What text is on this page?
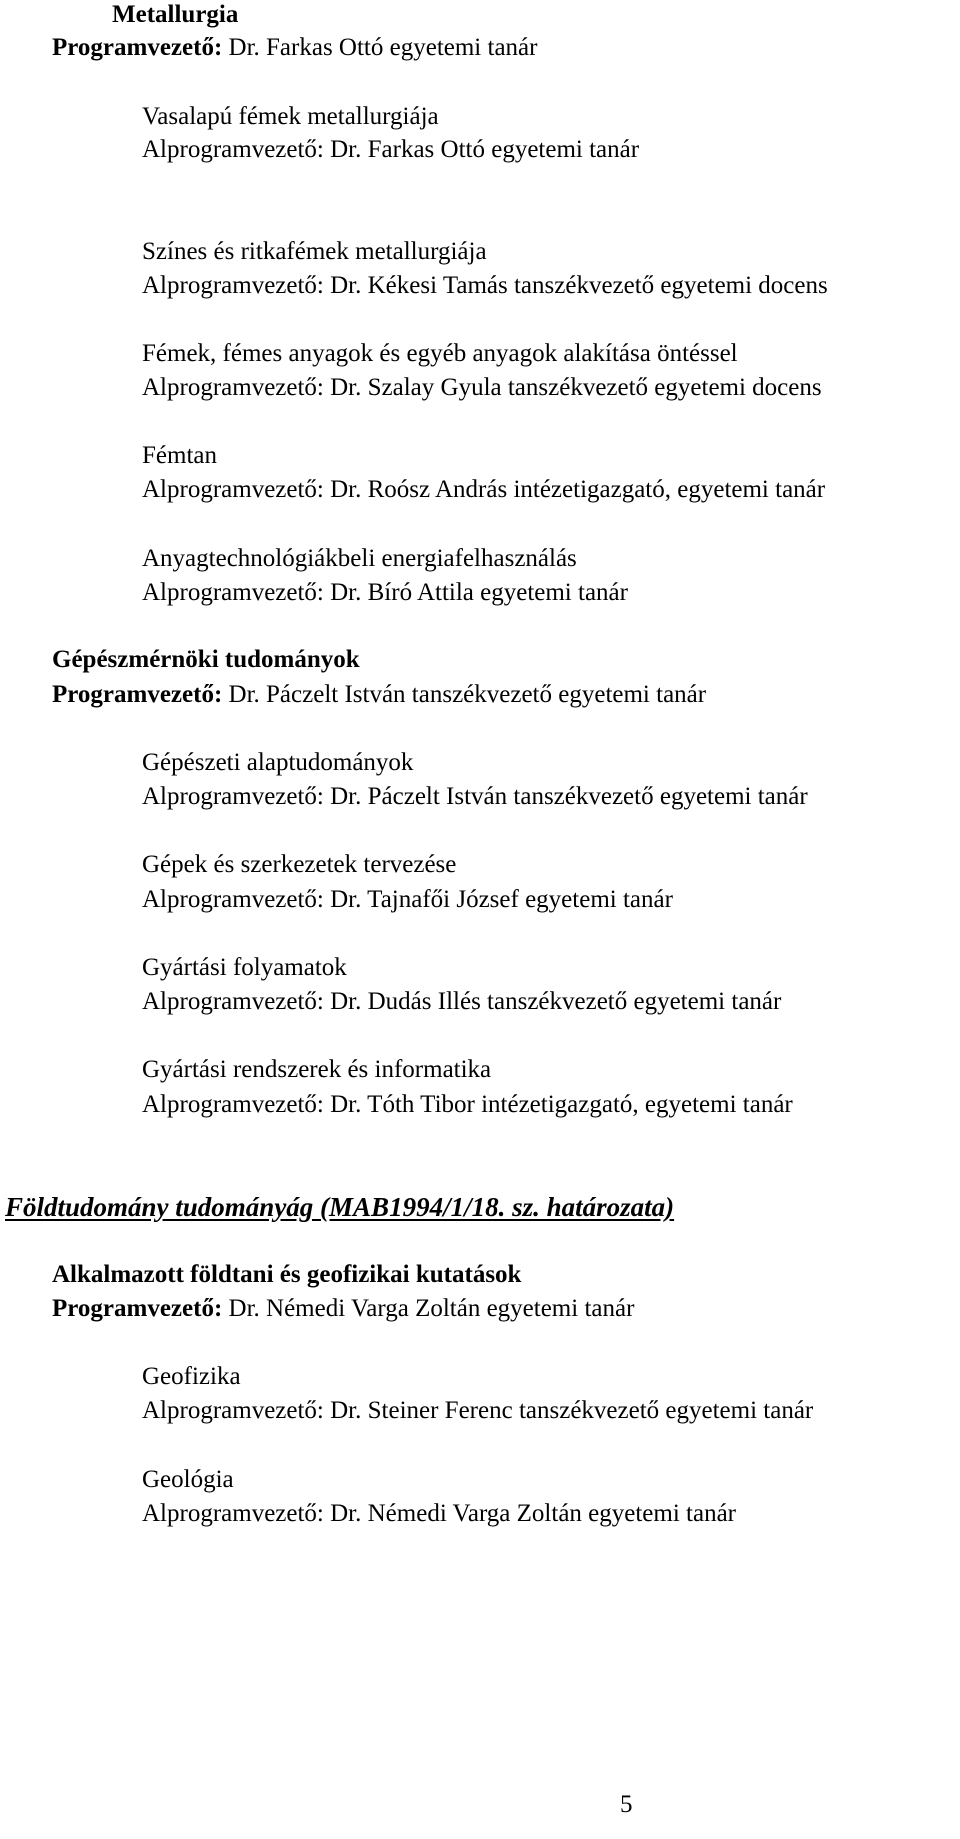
Metallurgia
Programvezető: Dr. Farkas Ottó egyetemi tanár
Vasalapú fémek metallurgiája
Alprogramvezető: Dr. Farkas Ottó egyetemi tanár
Színes és ritkafémek metallurgiája
Alprogramvezető: Dr. Kékesi Tamás tanszékvezető egyetemi docens
Fémek, fémes anyagok és egyéb anyagok alakítása öntéssel
Alprogramvezető: Dr. Szalay Gyula tanszékvezető egyetemi docens
Fémtan
Alprogramvezető: Dr. Roósz András intézetigazgató, egyetemi tanár
Anyagtechnológiákbeli energiafelhasználás
Alprogramvezető: Dr. Bíró Attila egyetemi tanár
Gépészmérnöki tudományok
Programvezető: Dr. Páczelt István tanszékvezető egyetemi tanár
Gépészeti alaptudományok
Alprogramvezető: Dr. Páczelt István tanszékvezető egyetemi tanár
Gépek és szerkezetek tervezése
Alprogramvezető: Dr. Tajnafői József egyetemi tanár
Gyártási folyamatok
Alprogramvezető: Dr. Dudás Illés tanszékvezető egyetemi tanár
Gyártási rendszerek és informatika
Alprogramvezető: Dr. Tóth Tibor intézetigazgató, egyetemi tanár
Földtudomány tudományág (MAB1994/1/18. sz. határozata)
Alkalmazott földtani és geofizikai kutatások
Programvezető: Dr. Némedi Varga Zoltán egyetemi tanár
Geofizika
Alprogramvezető: Dr. Steiner Ferenc tanszékvezető egyetemi tanár
Geológia
Alprogramvezető: Dr. Némedi Varga Zoltán egyetemi tanár
5
